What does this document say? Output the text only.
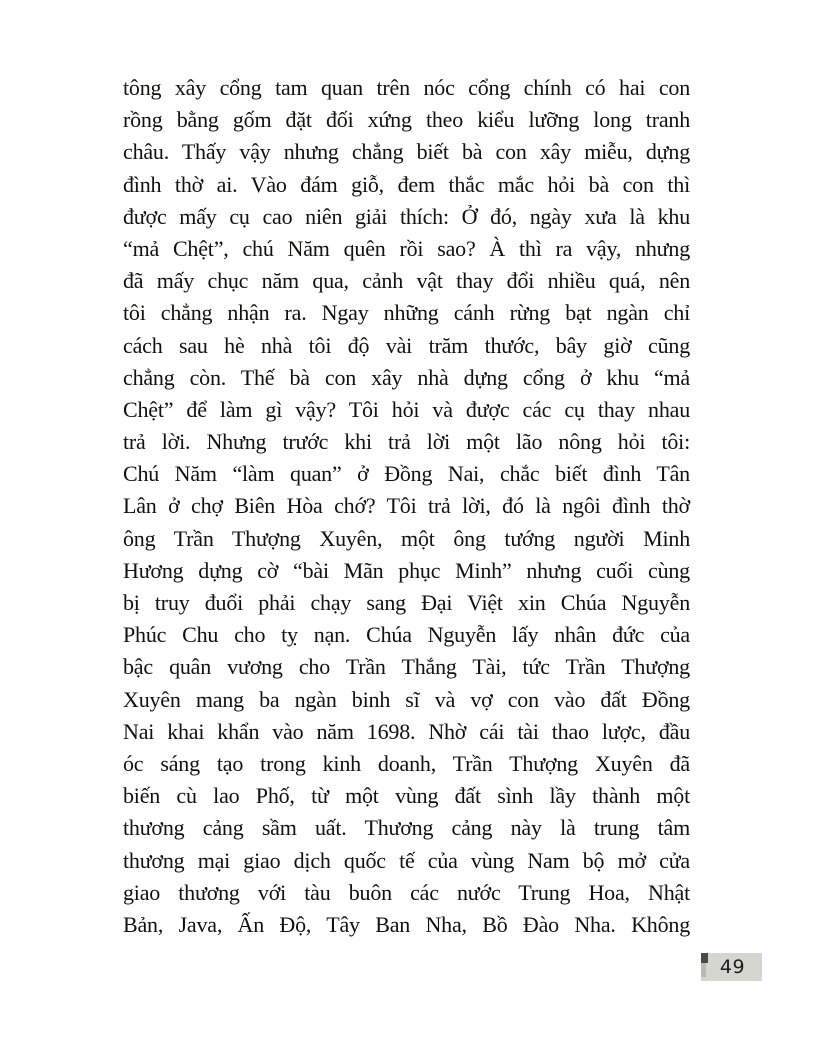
tông xây cổng tam quan trên nóc cổng chính có hai con
rồng bằng gốm đặt đối xứng theo kiểu lưỡng long tranh
châu. Thấy vậy nhưng chẳng biết bà con xây miễu, dựng
đình thờ ai. Vào đám giỗ, đem thắc mắc hỏi bà con thì
được mấy cụ cao niên giải thích: Ở đó, ngày xưa là khu
“mả Chệt”, chú Năm quên rồi sao? À thì ra vậy, nhưng
đã mấy chục năm qua, cảnh vật thay đổi nhiều quá, nên
tôi chẳng nhận ra. Ngay những cánh rừng bạt ngàn chỉ
cách sau hè nhà tôi độ vài trăm thước, bây giờ cũng
chẳng còn. Thế bà con xây nhà dựng cổng ở khu “mả
Chệt” để làm gì vậy? Tôi hỏi và được các cụ thay nhau
trả lời. Nhưng trước khi trả lời một lão nông hỏi tôi:
Chú Năm “làm quan” ở Đồng Nai, chắc biết đình Tân
Lân ở chợ Biên Hòa chớ? Tôi trả lời, đó là ngôi đình thờ
ông Trần Thượng Xuyên, một ông tướng người Minh
Hương dựng cờ “bài Mãn phục Minh” nhưng cuối cùng
bị truy đuổi phải chạy sang Đại Việt xin Chúa Nguyễn
Phúc Chu cho tỵ nạn. Chúa Nguyễn lấy nhân đức của
bậc quân vương cho Trần Thắng Tài, tức Trần Thượng
Xuyên mang ba ngàn binh sĩ và vợ con vào đất Đồng
Nai khai khẩn vào năm 1698. Nhờ cái tài thao lược, đầu
óc sáng tạo trong kinh doanh, Trần Thượng Xuyên đã
biến cù lao Phố, từ một vùng đất sình lầy thành một
thương cảng sầm uất. Thương cảng này là trung tâm
thương mại giao dịch quốc tế của vùng Nam bộ mở cửa
giao thương với tàu buôn các nước Trung Hoa, Nhật
Bản, Java, Ấn Độ, Tây Ban Nha, Bồ Đào Nha. Không
49
